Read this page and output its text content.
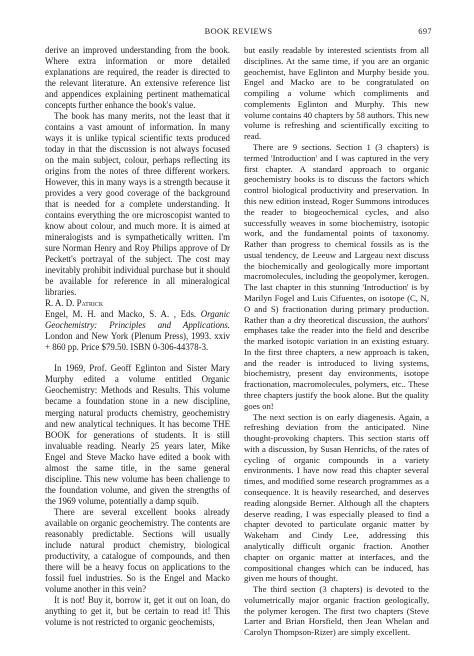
BOOK REVIEWS	697

derive an improved understanding from the book. Where extra information or more detailed explanations are required, the reader is directed to the relevant literature. An extensive reference list and appendices explaining pertinent mathematical concepts further enhance the book's value.

The book has many merits, not the least that it contains a vast amount of information. In many ways it is unlike typical scientific texts produced today in that the discussion is not always focused on the main subject, colour, perhaps reflecting its origins from the notes of three different workers. However, this in many ways is a strength because it provides a very good coverage of the background that is needed for a complete understanding. It contains everything the ore microscopist wanted to know about colour, and much more. It is aimed at mineralogists and is sympathetically written. I'm sure Norman Henry and Roy Philips approve of Dr Peckett's portrayal of the subject. The cost may inevitably prohibit individual purchase but it should be available for reference in all mineralogical libraries.

R. A. D. Patrick

Engel, M. H. and Macko, S. A. , Eds. Organic Geochemistry: Principles and Applications. London and New York (Plenum Press), 1993. xxiv + 860 pp. Price $79.50. ISBN 0-306-44378-3.

In 1969, Prof. Geoff Eglinton and Sister Mary Murphy edited a volume entitled Organic Geochemistry: Methods and Results. This volume became a foundation stone in a new discipline, merging natural products chemistry, geochemistry and new analytical techniques. It has become THE BOOK for generations of students. It is still invaluable reading. Nearly 25 years later, Mike Engel and Steve Macko have edited a book with almost the same title, in the same general discipline. This new volume has been challenge to the foundation volume, and given the strengths of the 1969 volume, potentially a damp squib.

There are several excellent books already available on organic geochemistry. The contents are reasonably predictable. Sections will usually include natural product chemistry, biological productivity, a catalogue of compounds, and then there will be a heavy focus on applications to the fossil fuel industries. So is the Engel and Macko volume another in this vein?

It is not! Buy it, borrow it, get it out on loan, do anything to get it, but be certain to read it! This volume is not restricted to organic geochemists,

but easily readable by interested scientists from all disciplines. At the same time, if you are an organic geochemist, have Eglinton and Murphy beside you. Engel and Macko are to be congratulated on compiling a volume which compliments and complements Eglinton and Murphy. This new volume contains 40 chapters by 58 authors. This new volume is refreshing and scientifically exciting to read.

There are 9 sections. Section 1 (3 chapters) is termed 'Introduction' and I was captured in the very first chapter. A standard approach to organic geochemistry books is to discuss the factors which control biological productivity and preservation. In this new edition instead, Roger Summons introduces the reader to biogeochemical cycles, and also successfully weaves in some biochemistry, isotopic work, and the fundamental points of taxonomy. Rather than progress to chemical fossils as is the usual tendency, de Leeuw and Largeau next discuss the biochemically and geologically more important macromolecules, including the geopolymer, kerogen. The last chapter in this stunning 'Introduction' is by Marilyn Fogel and Luis Cifuentes, on isotope (C, N, O and S) fractionation during primary production. Rather than a dry theoretical discussion, the authors' emphases take the reader into the field and describe the marked isotopic variation in an existing estuary. In the first three chapters, a new approach is taken, and the reader is introduced to living systems, biochemistry, present day environments, isotope fractionation, macromolecules, polymers, etc.. These three chapters justify the book alone. But the quality goes on!

The next section is on early diagenesis. Again, a refreshing deviation from the anticipated. Nine thought-provoking chapters. This section starts off with a discussion, by Susan Henrichs, of the rates of cycling of organic compounds in a variety environments. I have now read this chapter several times, and modified some research programmes as a consequence. It is heavily researched, and deserves reading alongside Berner. Although all the chapters deserve reading, I was especially pleased to find a chapter devoted to particulate organic matter by Wakeham and Cindy Lee, addressing this analytically difficult organic fraction. Another chapter on organic matter at interfaces, and the compositional changes which can be induced, has given me hours of thought.

The third section (3 chapters) is devoted to the volumetrically major organic fraction geologically, the polymer kerogen. The first two chapters (Steve Larter and Brian Horsfield, then Jean Whelan and Carolyn Thompson-Rizer) are simply excellent.
